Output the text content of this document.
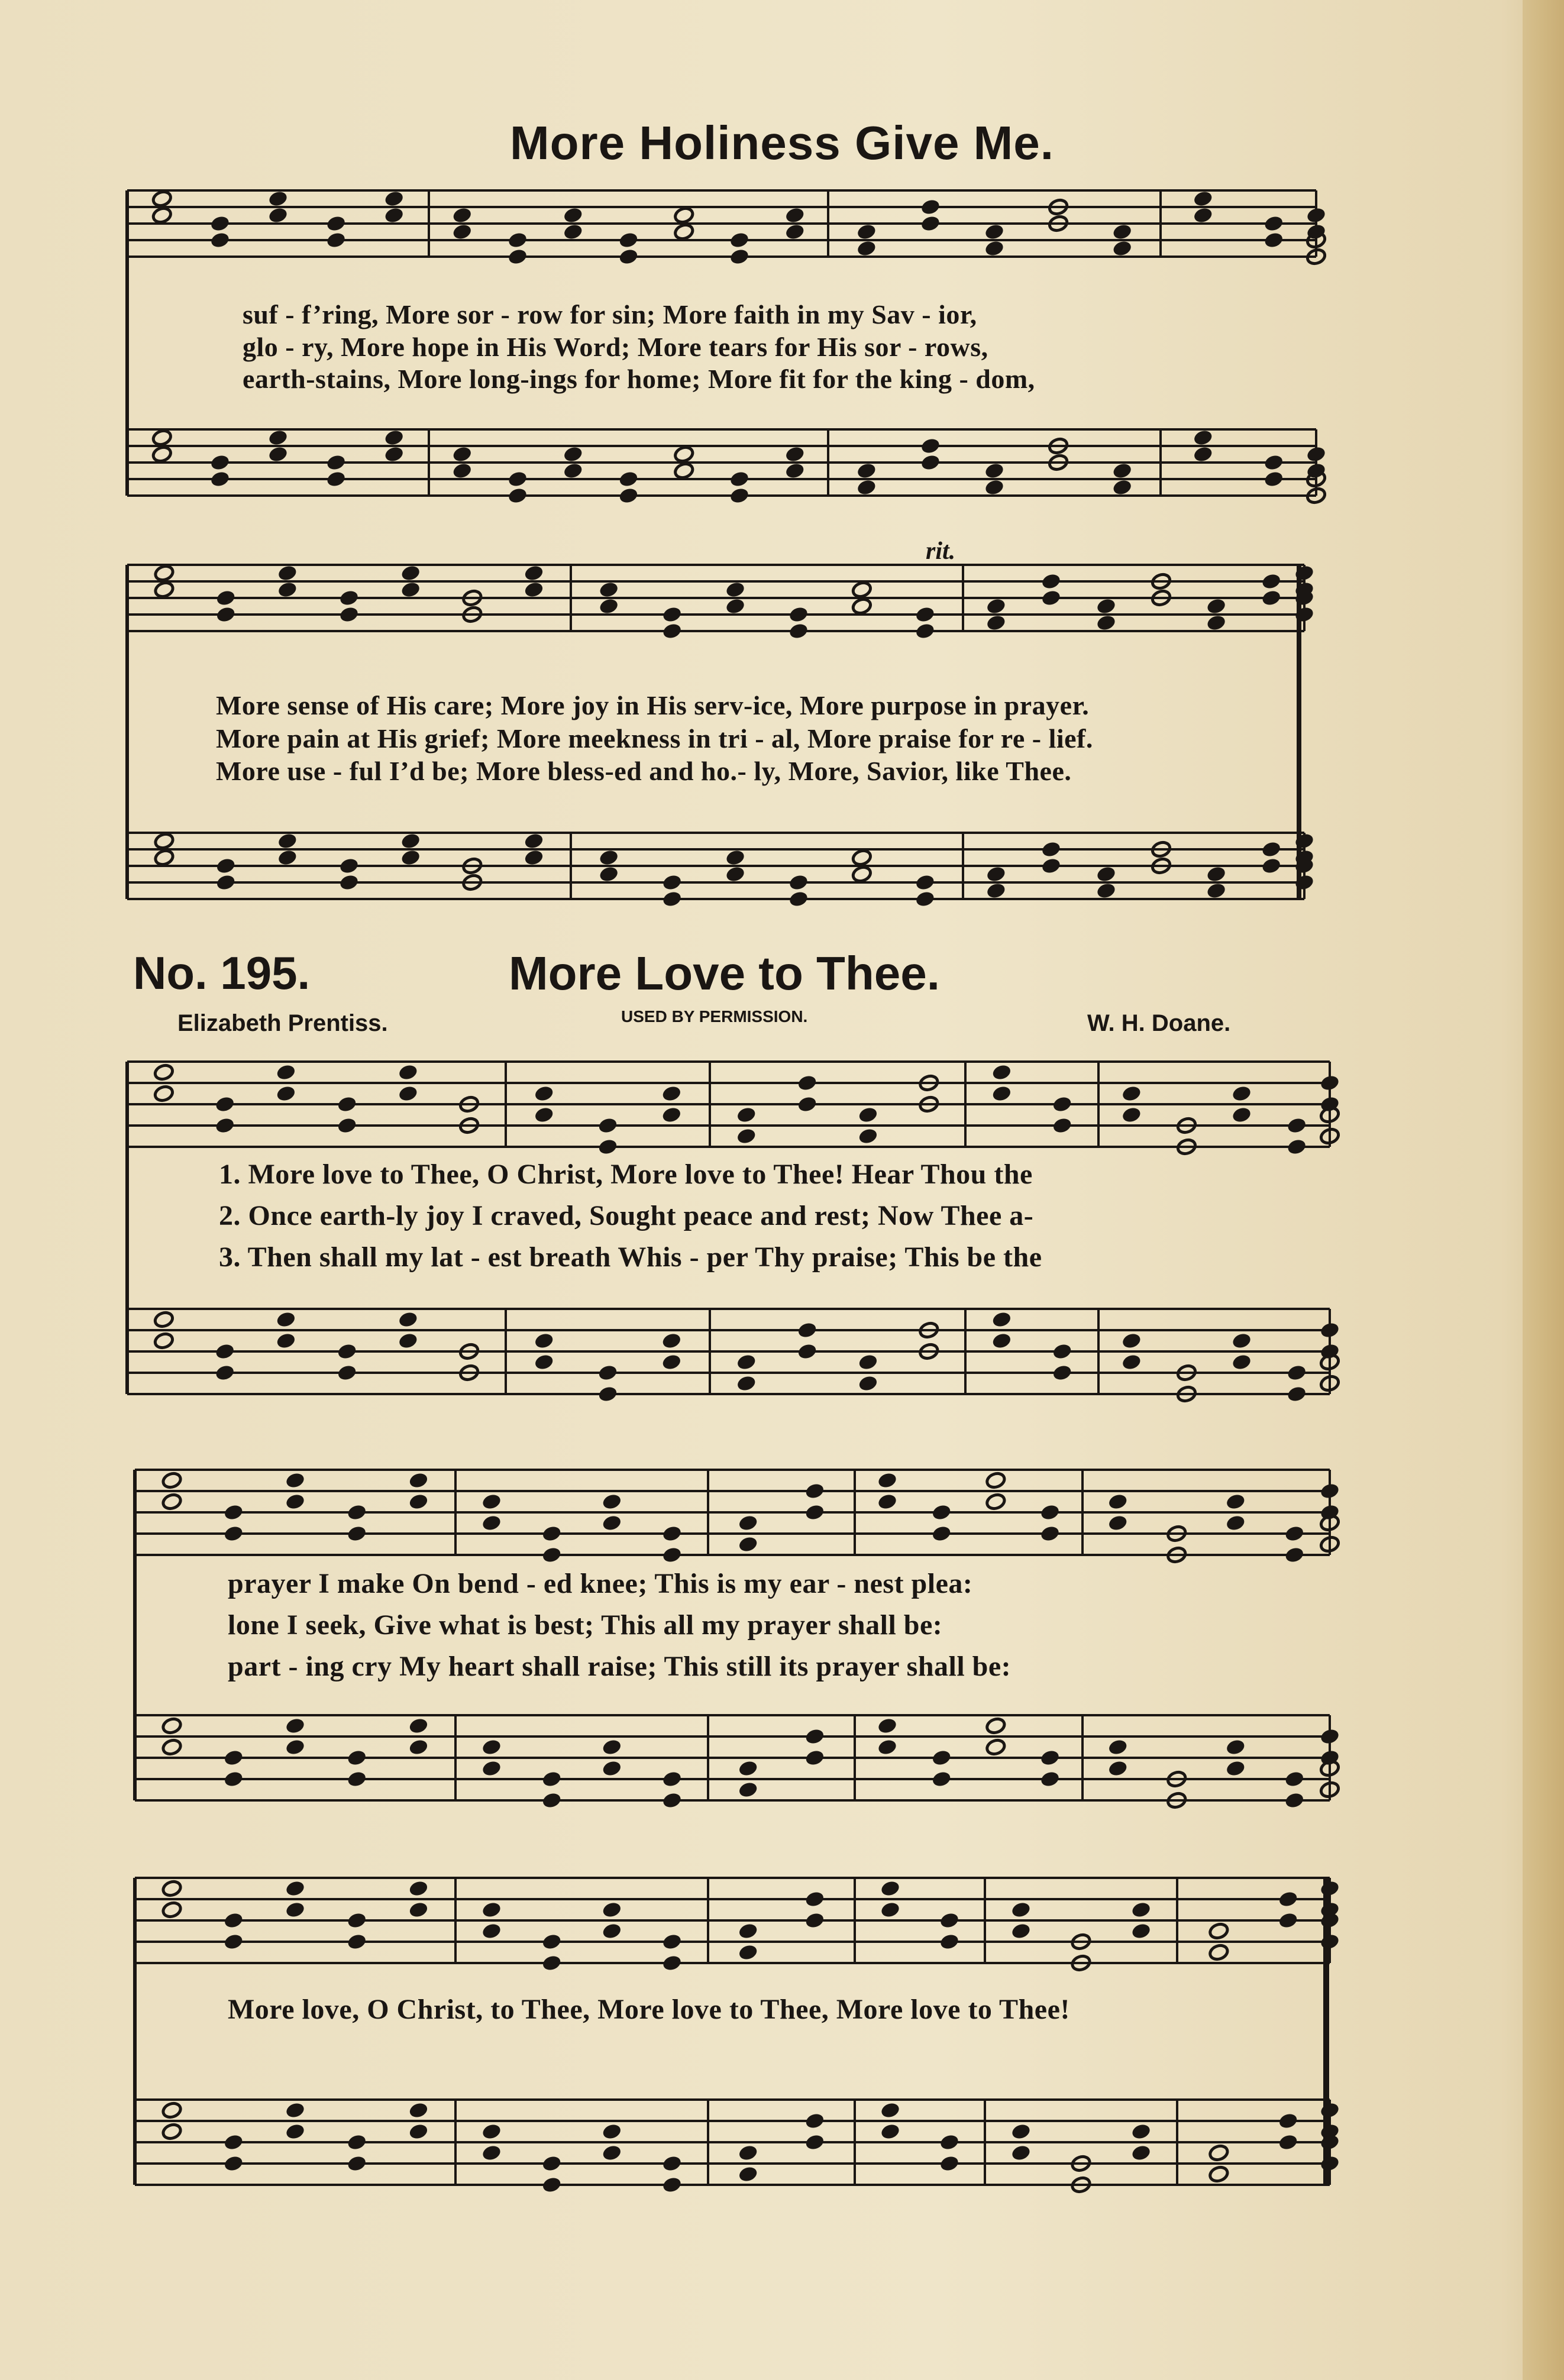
More Holiness Give Me.
suf - f’ring, More sor - row for sin; More faith in my Sav - ior,
glo - ry, More hope in His Word; More tears for His sor - rows,
earth-stains, More long-ings for home; More fit for the king - dom,
rit.
More sense of His care; More joy in His serv-ice, More purpose in prayer.
More pain at His grief; More meekness in tri - al, More praise for re - lief.
More use - ful I’d be; More bless-ed and ho.- ly, More, Savior, like Thee.
No. 195.	More Love to Thee.
Elizabeth Prentiss.	USED BY PERMISSION.	W. H. Doane.
1. More love to Thee, O Christ, More love to Thee! Hear Thou the
2. Once earth-ly joy I craved, Sought peace and rest; Now Thee a-
3. Then shall my lat - est breath Whis - per Thy praise; This be the
prayer I make On bend - ed knee; This is my ear - nest plea:
lone I seek, Give what is best; This all my prayer shall be:
part - ing cry My heart shall raise; This still its prayer shall be:
More love, O Christ, to Thee, More love to Thee, More love to Thee!
